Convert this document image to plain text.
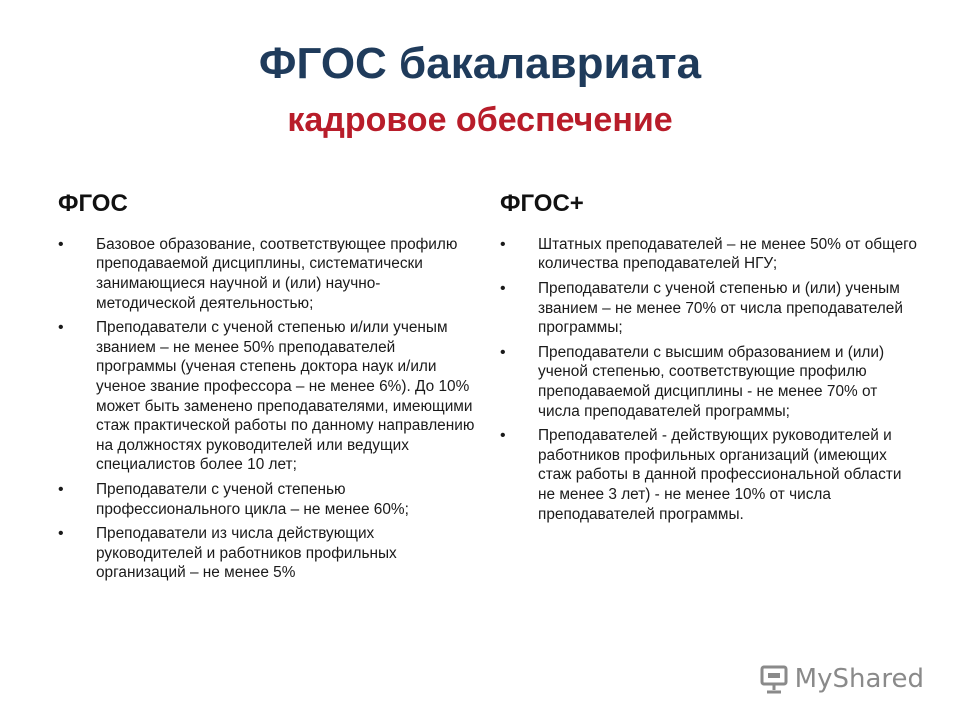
ФГОС бакалавриата
кадровое обеспечение
ФГОС
• Базовое образование, соответствующее профилю преподаваемой дисциплины, систематически занимающиеся научной и (или) научно-методической деятельностью;
• Преподаватели с ученой степенью и/или ученым званием – не менее 50% преподавателей программы (ученая степень доктора наук и/или ученое звание профессора – не менее 6%). До 10% может быть заменено преподавателями, имеющими стаж практической работы по данному направлению на должностях руководителей или ведущих специалистов более 10 лет;
• Преподаватели с ученой степенью профессионального цикла – не менее 60%;
• Преподаватели из числа действующих руководителей и работников профильных организаций – не менее 5%
ФГОС+
• Штатных преподавателей – не менее 50% от общего количества преподавателей НГУ;
• Преподаватели с ученой степенью и (или) ученым званием – не менее 70% от числа преподавателей программы;
• Преподаватели с высшим образованием и (или) ученой степенью, соответствующие профилю преподаваемой дисциплины - не менее 70% от числа преподавателей программы;
• Преподавателей - действующих руководителей и работников профильных организаций (имеющих стаж работы в данной профессиональной области не менее 3 лет) - не менее 10% от числа преподавателей программы.
MyShared
